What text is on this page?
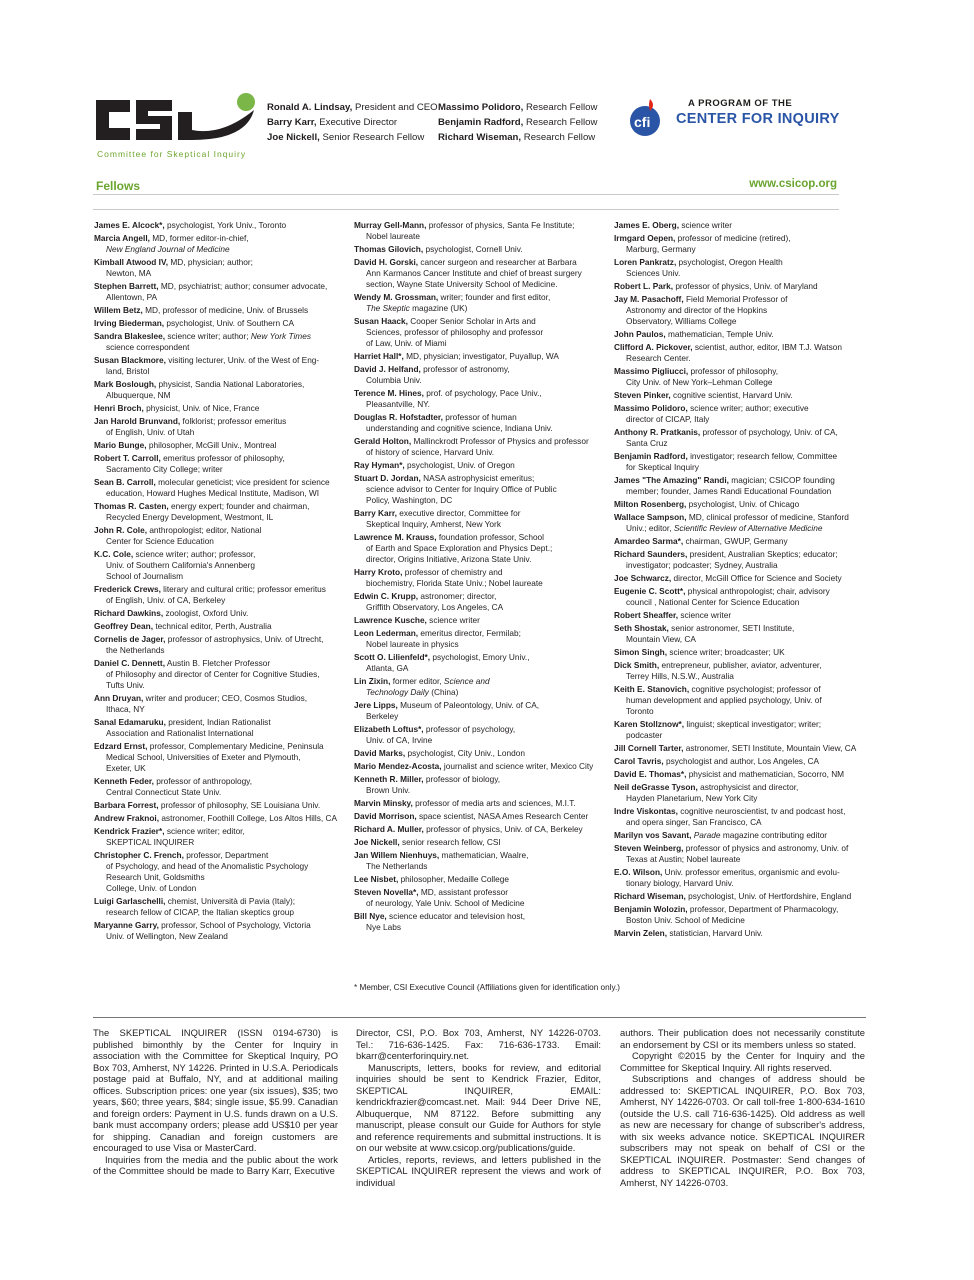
Committee for Skeptical Inquiry
Ronald A. Lindsay, President and CEO
Barry Karr, Executive Director
Joe Nickell, Senior Research Fellow
Massimo Polidoro, Research Fellow
Benjamin Radford, Research Fellow
Richard Wiseman, Research Fellow
cfi
A PROGRAM OF THE
CENTER FOR INQUIRY
Fellows	www.csicop.org
James E. Alcock*, psychologist, York Univ., Toronto
Marcia Angell, MD, former editor-in-chief,
New England Journal of Medicine
Kimball Atwood IV, MD, physician; author;
Newton, MA
Stephen Barrett, MD, psychiatrist; author; consumer advocate,
Allentown, PA
Willem Betz, MD, professor of medicine, Univ. of Brussels
Irving Biederman, psychologist, Univ. of Southern CA
Sandra Blakeslee, science writer; author; New York Times
science correspondent
Susan Blackmore, visiting lecturer, Univ. of the West of Eng-
land, Bristol
Mark Boslough, physicist, Sandia National Laboratories,
Albuquerque, NM
Henri Broch, physicist, Univ. of Nice, France
Jan Harold Brunvand, folklorist; professor emeritus
of English, Univ. of Utah
Mario Bunge, philosopher, McGill Univ., Montreal
Robert T. Carroll, emeritus professor of philosophy,
Sacramento City College; writer
Sean B. Carroll, molecular geneticist; vice president for science
education, Howard Hughes Medical Institute, Madison, WI
Thomas R. Casten, energy expert; founder and chairman,
Recycled Energy Development, Westmont, IL
John R. Cole, anthropologist; editor, National
Center for Science Education
K.C. Cole, science writer; author; professor,
Univ. of Southern California's Annenberg
School of Journalism
Frederick Crews, literary and cultural critic; professor emeritus
of English, Univ. of CA, Berkeley
Richard Dawkins, zoologist, Oxford Univ.
Geoffrey Dean, technical editor, Perth, Australia
Cornelis de Jager, professor of astrophysics, Univ. of Utrecht,
the Netherlands
Daniel C. Dennett, Austin B. Fletcher Professor
of Philosophy and director of Center for Cognitive Studies,
Tufts Univ.
Ann Druyan, writer and producer; CEO, Cosmos Studios,
Ithaca, NY
Sanal Edamaruku, president, Indian Rationalist
Association and Rationalist International
Edzard Ernst, professor, Complementary Medicine, Peninsula
Medical School, Universities of Exeter and Plymouth,
Exeter, UK
Kenneth Feder, professor of anthropology,
Central Connecticut State Univ.
Barbara Forrest, professor of philosophy, SE Louisiana Univ.
Andrew Fraknoi, astronomer, Foothill College, Los Altos Hills, CA
Kendrick Frazier*, science writer; editor,
SKEPTICAL INQUIRER
Christopher C. French, professor, Department
of Psychology, and head of the Anomalistic Psychology
Research Unit, Goldsmiths
College, Univ. of London
Luigi Garlaschelli, chemist, Università di Pavia (Italy);
research fellow of CICAP, the Italian skeptics group
Maryanne Garry, professor, School of Psychology, Victoria
Univ. of Wellington, New Zealand
Murray Gell-Mann, professor of physics, Santa Fe Institute;
Nobel laureate
Thomas Gilovich, psychologist, Cornell Univ.
David H. Gorski, cancer surgeon and researcher at Barbara
Ann Karmanos Cancer Institute and chief of breast surgery
section, Wayne State University School of Medicine.
Wendy M. Grossman, writer; founder and first editor,
The Skeptic magazine (UK)
Susan Haack, Cooper Senior Scholar in Arts and
Sciences, professor of philosophy and professor
of Law, Univ. of Miami
Harriet Hall*, MD, physician; investigator, Puyallup, WA
David J. Helfand, professor of astronomy,
Columbia Univ.
Terence M. Hines, prof. of psychology, Pace Univ.,
Pleasantville, NY.
Douglas R. Hofstadter, professor of human
understanding and cognitive science, Indiana Univ.
Gerald Holton, Mallinckrodt Professor of Physics and professor
of history of science, Harvard Univ.
Ray Hyman*, psychologist, Univ. of Oregon
Stuart D. Jordan, NASA astrophysicist emeritus;
science advisor to Center for Inquiry Office of Public
Policy, Washington, DC
Barry Karr, executive director, Committee for
Skeptical Inquiry, Amherst, New York
Lawrence M. Krauss, foundation professor, School
of Earth and Space Exploration and Physics Dept.;
director, Origins Initiative, Arizona State Univ.
Harry Kroto, professor of chemistry and
biochemistry, Florida State Univ.; Nobel laureate
Edwin C. Krupp, astronomer; director,
Griffith Observatory, Los Angeles, CA
Lawrence Kusche, science writer
Leon Lederman, emeritus director, Fermilab;
Nobel laureate in physics
Scott O. Lilienfeld*, psychologist, Emory Univ.,
Atlanta, GA
Lin Zixin, former editor, Science and
Technology Daily (China)
Jere Lipps, Museum of Paleontology, Univ. of CA,
Berkeley
Elizabeth Loftus*, professor of psychology,
Univ. of CA, Irvine
David Marks, psychologist, City Univ., London
Mario Mendez-Acosta, journalist and science writer, Mexico City
Kenneth R. Miller, professor of biology,
Brown Univ.
Marvin Minsky, professor of media arts and sciences, M.I.T.
David Morrison, space scientist, NASA Ames Research Center
Richard A. Muller, professor of physics, Univ. of CA, Berkeley
Joe Nickell, senior research fellow, CSI
Jan Willem Nienhuys, mathematician, Waalre,
The Netherlands
Lee Nisbet, philosopher, Medaille College
Steven Novella*, MD, assistant professor
of neurology, Yale Univ. School of Medicine
Bill Nye, science educator and television host,
Nye Labs
James E. Oberg, science writer
Irmgard Oepen, professor of medicine (retired),
Marburg, Germany
Loren Pankratz, psychologist, Oregon Health
Sciences Univ.
Robert L. Park, professor of physics, Univ. of Maryland
Jay M. Pasachoff, Field Memorial Professor of
Astronomy and director of the Hopkins
Observatory, Williams College
John Paulos, mathematician, Temple Univ.
Clifford A. Pickover, scientist, author, editor, IBM T.J. Watson
Research Center.
Massimo Pigliucci, professor of philosophy,
City Univ. of New York–Lehman College
Steven Pinker, cognitive scientist, Harvard Univ.
Massimo Polidoro, science writer; author; executive
director of CICAP, Italy
Anthony R. Pratkanis, professor of psychology, Univ. of CA,
Santa Cruz
Benjamin Radford, investigator; research fellow, Committee
for Skeptical Inquiry
James "The Amazing" Randi, magician; CSICOP founding
member; founder, James Randi Educational Foundation
Milton Rosenberg, psychologist, Univ. of Chicago
Wallace Sampson, MD, clinical professor of medicine, Stanford
Univ.; editor, Scientific Review of Alternative Medicine
Amardeo Sarma*, chairman, GWUP, Germany
Richard Saunders, president, Australian Skeptics; educator;
investigator; podcaster; Sydney, Australia
Joe Schwarcz, director, McGill Office for Science and Society
Eugenie C. Scott*, physical anthropologist; chair, advisory
council , National Center for Science Education
Robert Sheaffer, science writer
Seth Shostak, senior astronomer, SETI Institute,
Mountain View, CA
Simon Singh, science writer; broadcaster; UK
Dick Smith, entrepreneur, publisher, aviator, adventurer,
Terrey Hills, N.S.W., Australia
Keith E. Stanovich, cognitive psychologist; professor of
human development and applied psychology, Univ. of
Toronto
Karen Stollznow*, linguist; skeptical investigator; writer;
podcaster
Jill Cornell Tarter, astronomer, SETI Institute, Mountain View, CA
Carol Tavris, psychologist and author, Los Angeles, CA
David E. Thomas*, physicist and mathematician, Socorro, NM
Neil deGrasse Tyson, astrophysicist and director,
Hayden Planetarium, New York City
Indre Viskontas, cognitive neuroscientist, tv and podcast host,
and opera singer, San Francisco, CA
Marilyn vos Savant, Parade magazine contributing editor
Steven Weinberg, professor of physics and astronomy, Univ. of
Texas at Austin; Nobel laureate
E.O. Wilson, Univ. professor emeritus, organismic and evolu-
tionary biology, Harvard Univ.
Richard Wiseman, psychologist, Univ. of Hertfordshire, England
Benjamin Wolozin, professor, Department of Pharmacology,
Boston Univ. School of Medicine
Marvin Zelen, statistician, Harvard Univ.
* Member, CSI Executive Council (Affiliations given for identification only.)

The SKEPTICAL INQUIRER (ISSN 0194-6730) is published bimonthly by the Center for Inquiry in association with the Committee for Skeptical Inquiry, PO Box 703, Amherst, NY 14226. Printed in U.S.A. Periodicals postage paid at Buffalo, NY, and at additional mailing offices. Subscription prices: one year (six issues), $35; two years, $60; three years, $84; single issue, $5.99. Canadian and foreign orders: Payment in U.S. funds drawn on a U.S. bank must accompany orders; please add US$10 per year for shipping. Canadian and foreign customers are encouraged to use Visa or MasterCard.

Inquiries from the media and the public about the work of the Committee should be made to Barry Karr, Executive

Director, CSI, P.O. Box 703, Amherst, NY 14226-0703. Tel.: 716-636-1425. Fax: 716-636-1733. Email: bkarr@centerforinquiry.net.

Manuscripts, letters, books for review, and editorial inquiries should be sent to Kendrick Frazier, Editor, SKEPTICAL INQUIRER, EMAIL: kendrickfrazier@comcast.net. Mail: 944 Deer Drive NE, Albuquerque, NM 87122. Before submitting any manuscript, please consult our Guide for Authors for style and reference requirements and submittal instructions. It is on our website at www.csicop.org/publications/guide.

Articles, reports, reviews, and letters published in the SKEPTICAL INQUIRER represent the views and work of individual

authors. Their publication does not necessarily constitute an endorsement by CSI or its members unless so stated.

Copyright ©2015 by the Center for Inquiry and the Committee for Skeptical Inquiry. All rights reserved.

Subscriptions and changes of address should be addressed to: SKEPTICAL INQUIRER, P.O. Box 703, Amherst, NY 14226-0703. Or call toll-free 1-800-634-1610 (outside the U.S. call 716-636-1425). Old address as well as new are necessary for change of subscriber's address, with six weeks advance notice. SKEPTICAL INQUIRER subscribers may not speak on behalf of CSI or the SKEPTICAL INQUIRER. Postmaster: Send changes of address to SKEPTICAL INQUIRER, P.O. Box 703, Amherst, NY 14226-0703.
